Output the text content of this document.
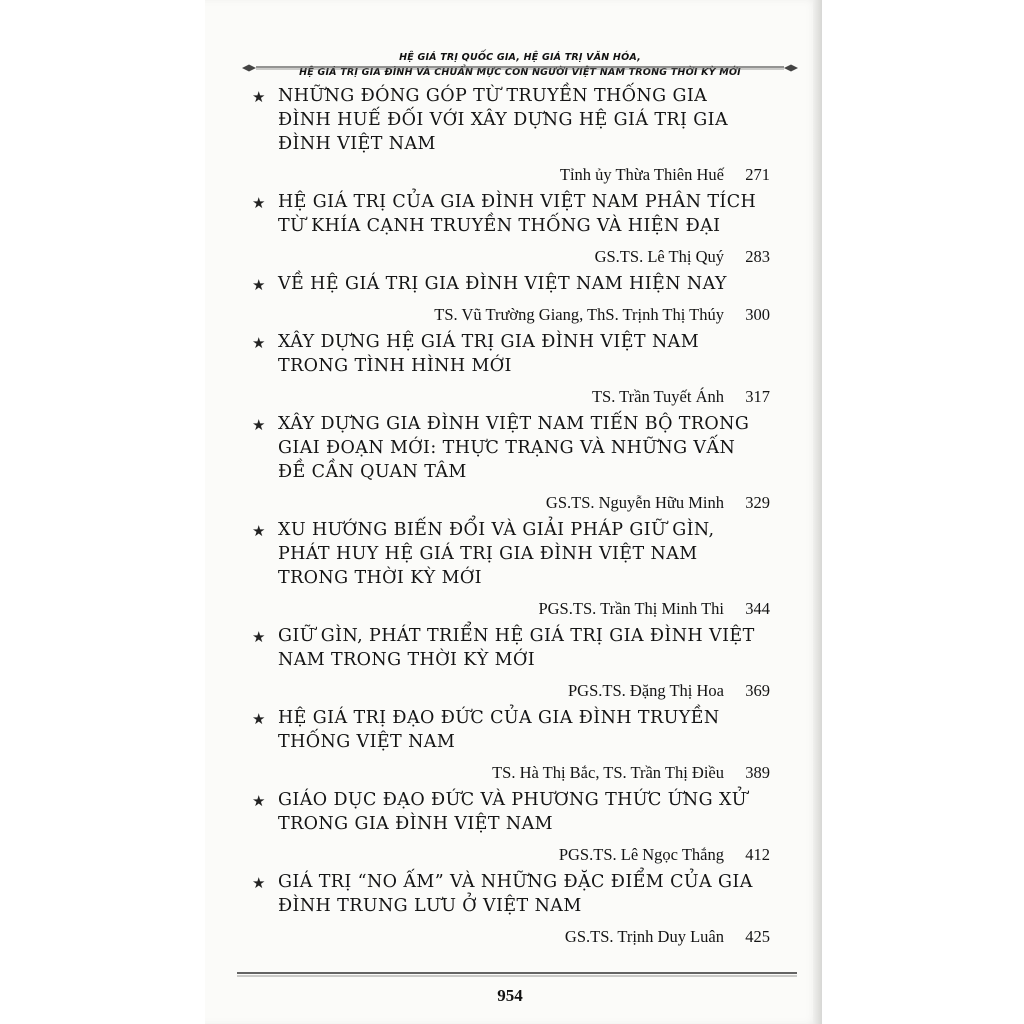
HỆ GIÁ TRỊ QUỐC GIA, HỆ GIÁ TRỊ VĂN HÓA,
HỆ GIÁ TRỊ GIA ĐÌNH VÀ CHUẨN MỰC CON NGƯỜI VIỆT NAM TRONG THỜI KỲ MỚI
★ NHỮNG ĐÓNG GÓP TỪ TRUYỀN THỐNG GIA ĐÌNH HUẾ ĐỐI VỚI XÂY DỰNG HỆ GIÁ TRỊ GIA ĐÌNH VIỆT NAM
Tỉnh ủy Thừa Thiên Huế	271
★ HỆ GIÁ TRỊ CỦA GIA ĐÌNH VIỆT NAM PHÂN TÍCH TỪ KHÍA CẠNH TRUYỀN THỐNG VÀ HIỆN ĐẠI
GS.TS. Lê Thị Quý	283
★ VỀ HỆ GIÁ TRỊ GIA ĐÌNH VIỆT NAM HIỆN NAY
TS. Vũ Trường Giang, ThS. Trịnh Thị Thúy	300
★ XÂY DỰNG HỆ GIÁ TRỊ GIA ĐÌNH VIỆT NAM TRONG TÌNH HÌNH MỚI
TS. Trần Tuyết Ánh	317
★ XÂY DỰNG GIA ĐÌNH VIỆT NAM TIẾN BỘ TRONG GIAI ĐOẠN MỚI: THỰC TRẠNG VÀ NHỮNG VẤN ĐỀ CẦN QUAN TÂM
GS.TS. Nguyễn Hữu Minh	329
★ XU HƯỚNG BIẾN ĐỔI VÀ GIẢI PHÁP GIỮ GÌN, PHÁT HUY HỆ GIÁ TRỊ GIA ĐÌNH VIỆT NAM TRONG THỜI KỲ MỚI
PGS.TS. Trần Thị Minh Thi	344
★ GIỮ GÌN, PHÁT TRIỂN HỆ GIÁ TRỊ GIA ĐÌNH VIỆT NAM TRONG THỜI KỲ MỚI
PGS.TS. Đặng Thị Hoa	369
★ HỆ GIÁ TRỊ ĐẠO ĐỨC CỦA GIA ĐÌNH TRUYỀN THỐNG VIỆT NAM
TS. Hà Thị Bắc, TS. Trần Thị Điều	389
★ GIÁO DỤC ĐẠO ĐỨC VÀ PHƯƠNG THỨC ỨNG XỬ TRONG GIA ĐÌNH VIỆT NAM
PGS.TS. Lê Ngọc Thắng	412
★ GIÁ TRỊ “NO ẤM” VÀ NHỮNG ĐẶC ĐIỂM CỦA GIA ĐÌNH TRUNG LƯU Ở VIỆT NAM
GS.TS. Trịnh Duy Luân	425
954
